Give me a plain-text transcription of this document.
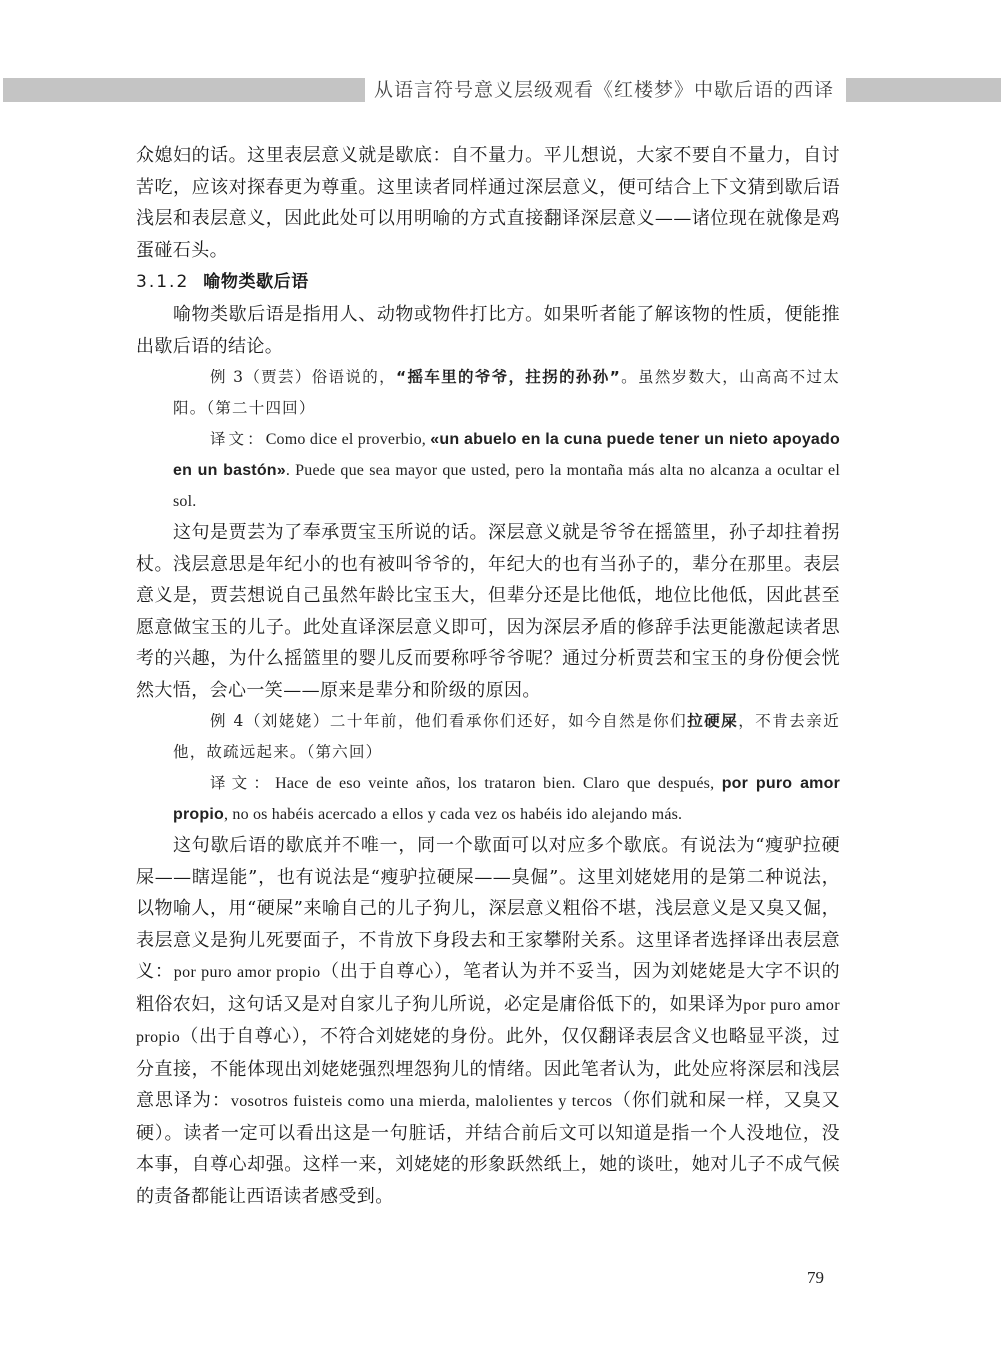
从语言符号意义层级观看《红楼梦》中歇后语的西译

众媳妇的话。这里表层意义就是歇底：自不量力。平儿想说，大家不要自不量力，自讨苦吃，应该对探春更为尊重。这里读者同样通过深层意义，便可结合上下文猜到歇后语浅层和表层意义，因此此处可以用明喻的方式直接翻译深层意义——诸位现在就像是鸡蛋碰石头。

3.1.2 喻物类歇后语

喻物类歇后语是指用人、动物或物件打比方。如果听者能了解该物的性质，便能推出歇后语的结论。

例 3（贾芸）俗语说的，“摇车里的爷爷，拄拐的孙孙”。虽然岁数大，山高高不过太阳。（第二十四回）

译文：Como dice el proverbio, «un abuelo en la cuna puede tener un nieto apoyado en un bastón». Puede que sea mayor que usted, pero la montaña más alta no alcanza a ocultar el sol.

这句是贾芸为了奉承贾宝玉所说的话。深层意义就是爷爷在摇篮里，孙子却拄着拐杖。浅层意思是年纪小的也有被叫爷爷的，年纪大的也有当孙子的，辈分在那里。表层意义是，贾芸想说自己虽然年龄比宝玉大，但辈分还是比他低，地位比他低，因此甚至愿意做宝玉的儿子。此处直译深层意义即可，因为深层矛盾的修辞手法更能激起读者思考的兴趣，为什么摇篮里的婴儿反而要称呼爷爷呢？通过分析贾芸和宝玉的身份便会恍然大悟，会心一笑——原来是辈分和阶级的原因。

例 4（刘姥姥）二十年前，他们看承你们还好，如今自然是你们拉硬屎，不肯去亲近他，故疏远起来。（第六回）

译文：Hace de eso veinte años, los trataron bien. Claro que después, por puro amor propio, no os habéis acercado a ellos y cada vez os habéis ido alejando más.

这句歇后语的歇底并不唯一，同一个歇面可以对应多个歇底。有说法为“瘦驴拉硬屎——瞎逞能”，也有说法是“瘦驴拉硬屎——臭倔”。这里刘姥姥用的是第二种说法，以物喻人，用“硬屎”来喻自己的儿子狗儿，深层意义粗俗不堪，浅层意义是又臭又倔，表层意义是狗儿死要面子，不肯放下身段去和王家攀附关系。这里译者选择译出表层意义：por puro amor propio（出于自尊心），笔者认为并不妥当，因为刘姥姥是大字不识的粗俗农妇，这句话又是对自家儿子狗儿所说，必定是庸俗低下的，如果译为por puro amor propio（出于自尊心），不符合刘姥姥的身份。此外，仅仅翻译表层含义也略显平淡，过分直接，不能体现出刘姥姥强烈埋怨狗儿的情绪。因此笔者认为，此处应将深层和浅层意思译为：vosotros fuisteis como una mierda, malolientes y tercos（你们就和屎一样，又臭又硬）。读者一定可以看出这是一句脏话，并结合前后文可以知道是指一个人没地位，没本事，自尊心却强。这样一来，刘姥姥的形象跃然纸上，她的谈吐，她对儿子不成气候的责备都能让西语读者感受到。

79
